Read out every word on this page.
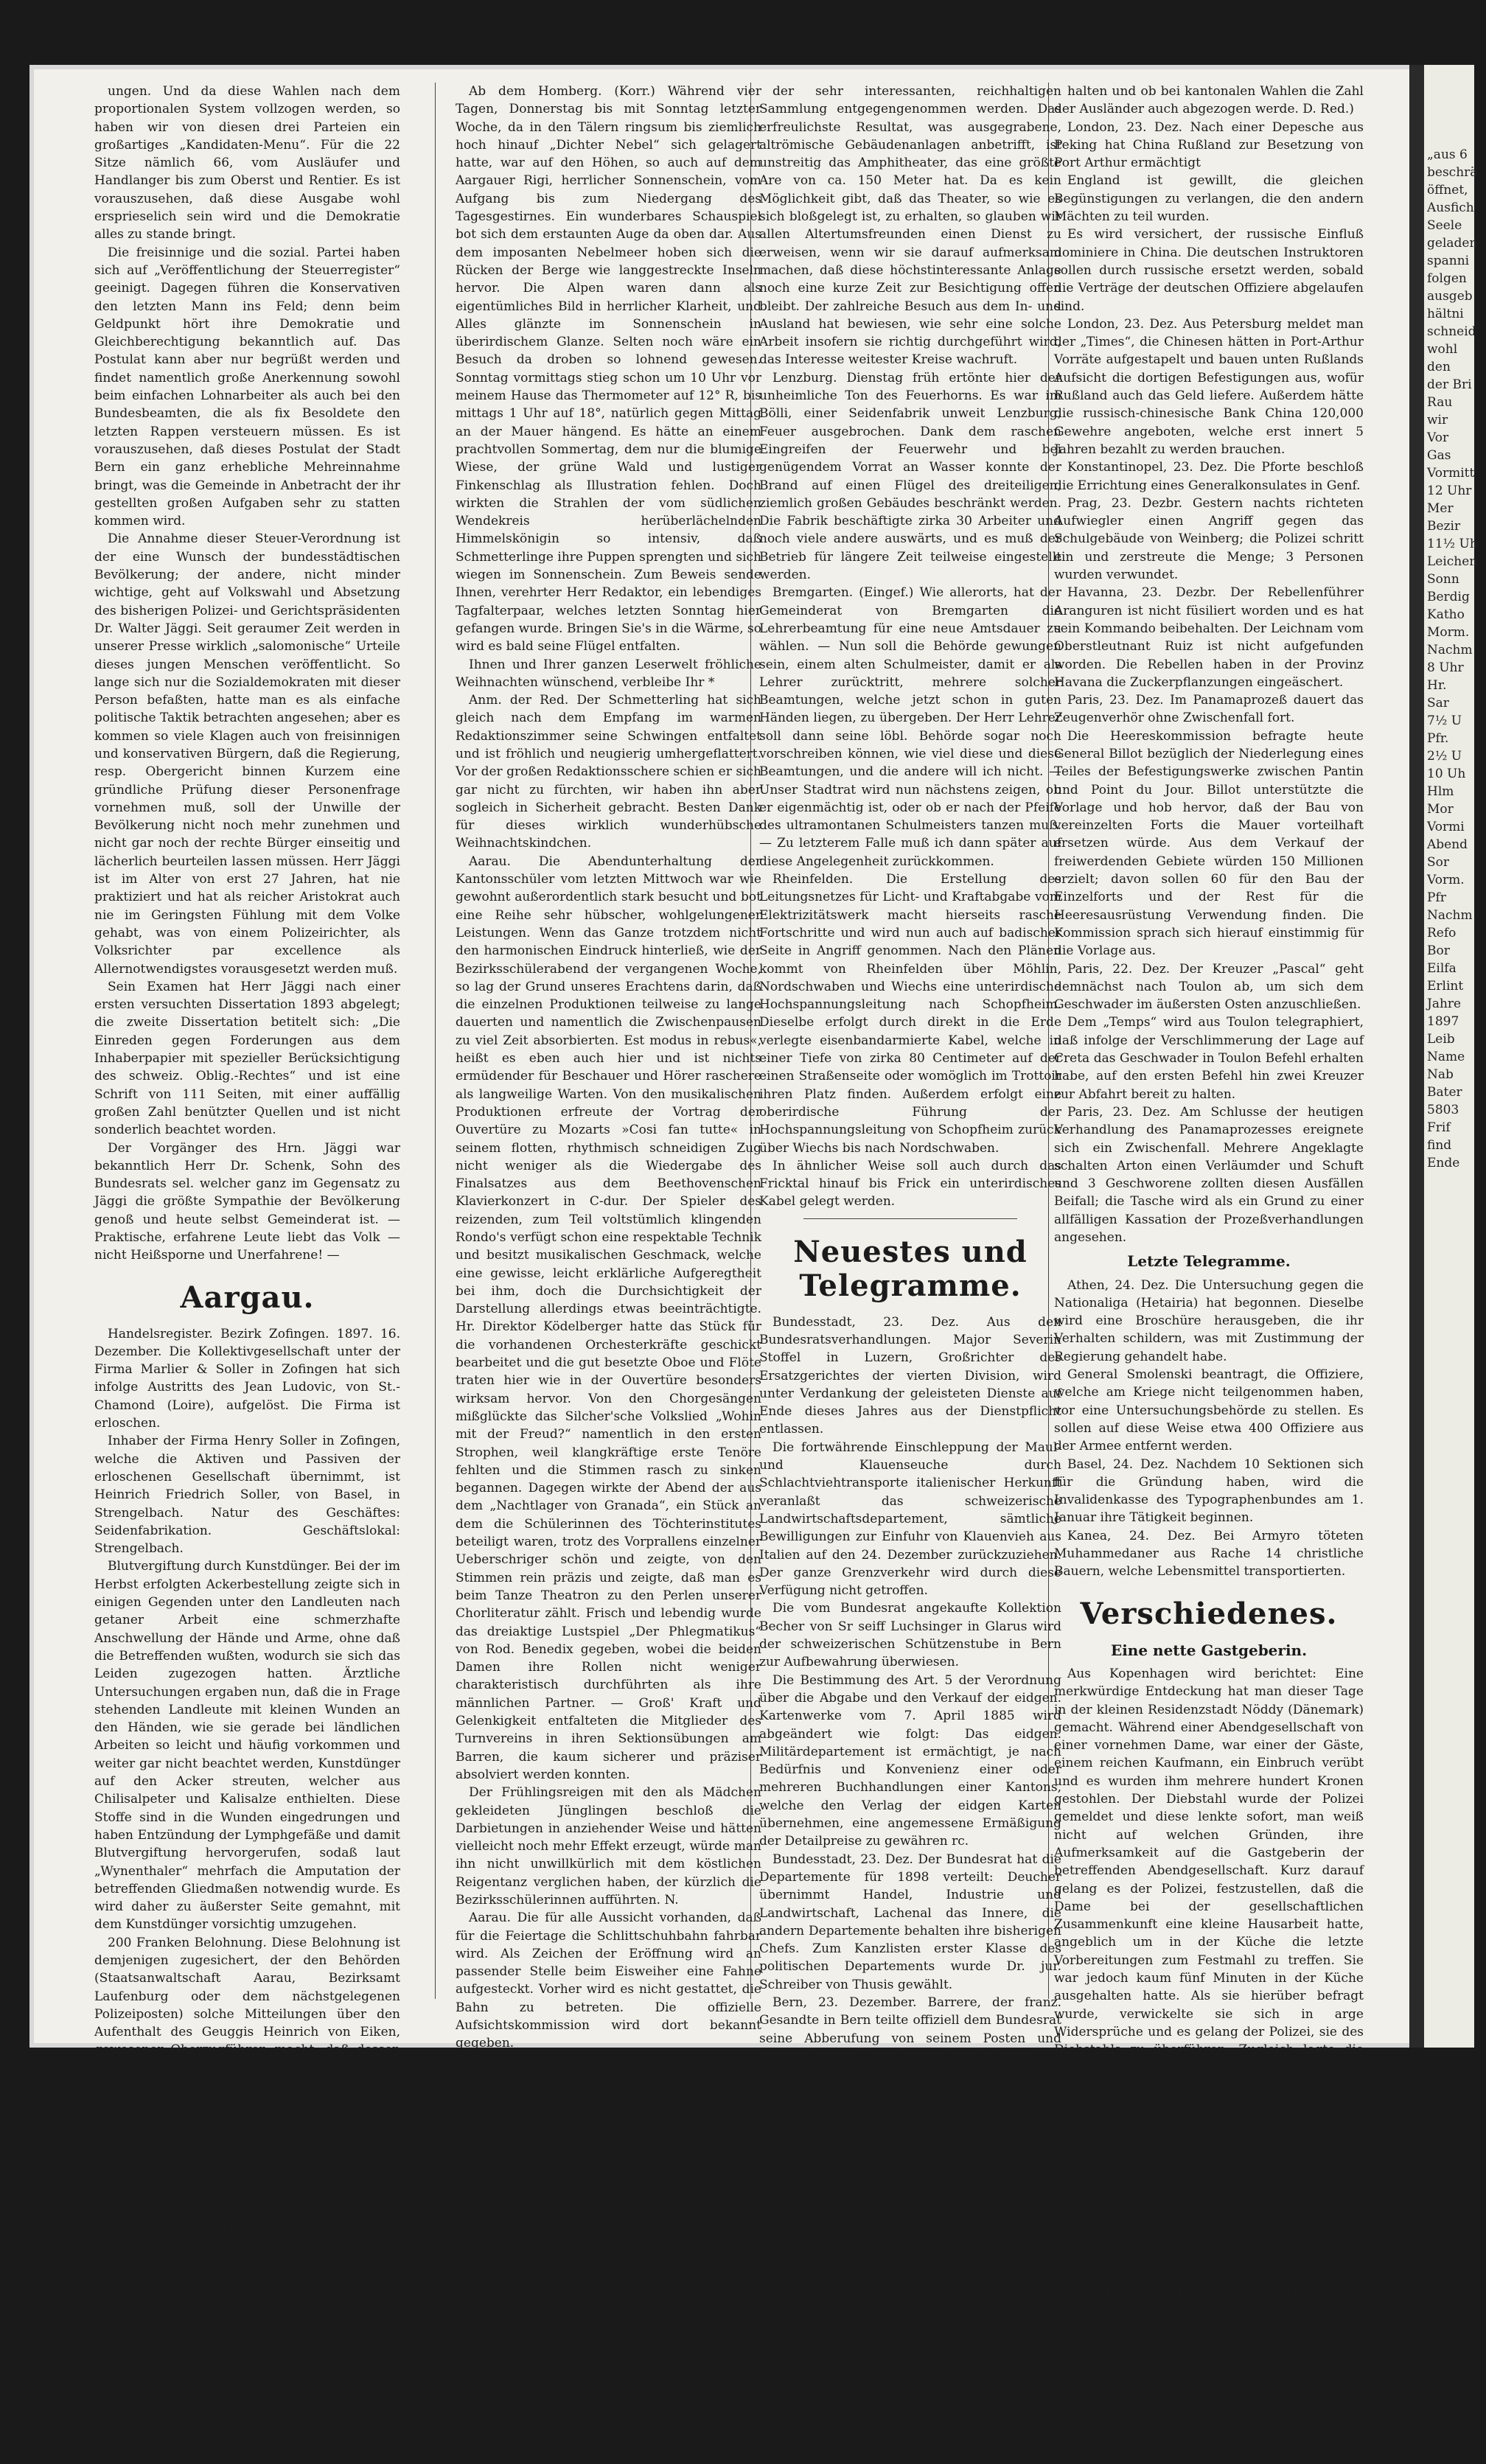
ungen. Und da diese Wahlen nach dem proportionalen System vollzogen werden, so haben wir von diesen drei Parteien ein großartiges „Kandidaten-Menu“. Für die 22 Sitze nämlich 66, vom Ausläufer und Handlanger bis zum Oberst und Rentier. Es ist vorauszusehen, daß diese Ausgabe wohl ersprieselich sein wird und die Demokratie alles zu stande bringt.

Die freisinnige und die sozial. Partei haben sich auf „Veröffentlichung der Steuerregister“ geeinigt. Dagegen führen die Konservativen den letzten Mann ins Feld; denn beim Geldpunkt hört ihre Demokratie und Gleichberechtigung bekanntlich auf. Das Postulat kann aber nur begrüßt werden und findet namentlich große Anerkennung sowohl beim einfachen Lohnarbeiter als auch bei den Bundesbeamten, die als fix Besoldete den letzten Rappen versteuern müssen. Es ist vorauszusehen, daß dieses Postulat der Stadt Bern ein ganz erhebliche Mehreinnahme bringt, was die Gemeinde in Anbetracht der ihr gestellten großen Aufgaben sehr zu statten kommen wird.

Die Annahme dieser Steuer-Verordnung ist der eine Wunsch der bundesstädtischen Bevölkerung; der andere, nicht minder wichtige, geht auf Volkswahl und Absetzung des bisherigen Polizei- und Gerichtspräsidenten Dr. Walter Jäggi. Seit geraumer Zeit werden in unserer Presse wirklich „salomonische“ Urteile dieses jungen Menschen veröffentlicht. So lange sich nur die Sozialdemokraten mit dieser Person befaßten, hatte man es als einfache politische Taktik betrachten angesehen; aber es kommen so viele Klagen auch von freisinnigen und konservativen Bürgern, daß die Regierung, resp. Obergericht binnen Kurzem eine gründliche Prüfung dieser Personenfrage vornehmen muß, soll der Unwille der Bevölkerung nicht noch mehr zunehmen und nicht gar noch der rechte Bürger einseitig und lächerlich beurteilen lassen müssen. Herr Jäggi ist im Alter von erst 27 Jahren, hat nie praktiziert und hat als reicher Aristokrat auch nie im Geringsten Fühlung mit dem Volke gehabt, was von einem Polizeirichter, als Volksrichter par excellence als Allernotwendigstes vorausgesetzt werden muß.

Sein Examen hat Herr Jäggi nach einer ersten versuchten Dissertation 1893 abgelegt; die zweite Dissertation betitelt sich: „Die Einreden gegen Forderungen aus dem Inhaberpapier mit spezieller Berücksichtigung des schweiz. Oblig.-Rechtes“ und ist eine Schrift von 111 Seiten, mit einer auffällig großen Zahl benützter Quellen und ist nicht sonderlich beachtet worden.

Der Vorgänger des Hrn. Jäggi war bekanntlich Herr Dr. Schenk, Sohn des Bundesrats sel. welcher ganz im Gegensatz zu Jäggi die größte Sympathie der Bevölkerung genoß und heute selbst Gemeinderat ist. — Praktische, erfahrene Leute liebt das Volk — nicht Heißsporne und Unerfahrene! —

Aargau.

Handelsregister. Bezirk Zofingen. 1897. 16. Dezember. Die Kollektivgesellschaft unter der Firma Marlier & Soller in Zofingen hat sich infolge Austritts des Jean Ludovic, von St.-Chamond (Loire), aufgelöst. Die Firma ist erloschen.

Inhaber der Firma Henry Soller in Zofingen, welche die Aktiven und Passiven der erloschenen Gesellschaft übernimmt, ist Heinrich Friedrich Soller, von Basel, in Strengelbach. Natur des Geschäftes: Seidenfabrikation. Geschäftslokal: Strengelbach.

Blutvergiftung durch Kunstdünger. Bei der im Herbst erfolgten Ackerbestellung zeigte sich in einigen Gegenden unter den Landleuten nach getaner Arbeit eine schmerzhafte Anschwellung der Hände und Arme, ohne daß die Betreffenden wußten, wodurch sie sich das Leiden zugezogen hatten. Ärztliche Untersuchungen ergaben nun, daß die in Frage stehenden Landleute mit kleinen Wunden an den Händen, wie sie gerade bei ländlichen Arbeiten so leicht und häufig vorkommen und weiter gar nicht beachtet werden, Kunstdünger auf den Acker streuten, welcher aus Chilisalpeter und Kalisalze enthielten. Diese Stoffe sind in die Wunden eingedrungen und haben Entzündung der Lymphgefäße und damit Blutvergiftung hervorgerufen, sodaß laut „Wynenthaler“ mehrfach die Amputation der betreffenden Gliedmaßen notwendig wurde. Es wird daher zu äußerster Seite gemahnt, mit dem Kunstdünger vorsichtig umzugehen.

200 Franken Belohnung. Diese Belohnung ist demjenigen zugesichert, der den Behörden (Staatsanwaltschaft Aarau, Bezirksamt Laufenburg oder dem nächstgelegenen Polizeiposten) solche Mitteilungen über den Aufenthalt des Geuggis Heinrich von Eiken, gewesener Oberzugführer, macht, daß dessen Verhaftung möglich ist. Geuggis ist des Diebstahls vom 8. Dezember zwischen Frick und Hornussen im Eisenbahnzug beschuldigt.

Aarau, 23. Dezember 1897. Kommando des aarg. Polizeikorps.

Aargauische landw. Gesellschaft. (Mitgeteilt.) Der f. Z. verschiedener Umstände halber vertagte Versammlung der aarg. landw. Gesellschaft ist nun auf Sonntag den 26. Dezember 1897, nachmittags 2 Uhr im Löwen in Muri angesetzt. Bei diesem Anlaß wird Hr. Professor Ehrhardt von Zürich über Tuberkulinimpfung rc. referieren und dann auch das Viehversicherungsgesetz zur Sprache kommen.

Ab dem Homberg. (Korr.) Während vier Tagen, Donnerstag bis mit Sonntag letzter Woche, da in den Tälern ringsum bis ziemlich hoch hinauf „Dichter Nebel“ sich gelagert hatte, war auf den Höhen, so auch auf dem Aargauer Rigi, herrlicher Sonnenschein, vom Aufgang bis zum Niedergang des Tagesgestirnes. Ein wunderbares Schauspiel bot sich dem erstaunten Auge da oben dar. Aus dem imposanten Nebelmeer hoben sich die Rücken der Berge wie langgestreckte Inseln hervor. Die Alpen waren dann als eigentümliches Bild in herrlicher Klarheit, und Alles glänzte im Sonnenschein in überirdischem Glanze. Selten noch wäre ein Besuch da droben so lohnend gewesen. Sonntag vormittags stieg schon um 10 Uhr vor meinem Hause das Thermometer auf 12° R, bis mittags 1 Uhr auf 18°, natürlich gegen Mittag an der Mauer hängend. Es hätte an einem prachtvollen Sommertag, dem nur die blumige Wiese, der grüne Wald und lustiger Finkenschlag als Illustration fehlen. Doch wirkten die Strahlen der vom südlichen Wendekreis herüberlächelnden Himmelskönigin so intensiv, daß Schmetterlinge ihre Puppen sprengten und sich wiegen im Sonnenschein. Zum Beweis sende Ihnen, verehrter Herr Redaktor, ein lebendiges Tagfalterpaar, welches letzten Sonntag hier gefangen wurde. Bringen Sie's in die Wärme, so wird es bald seine Flügel entfalten.

Ihnen und Ihrer ganzen Leserwelt fröhliche Weihnachten wünschend, verbleibe Ihr *

Anm. der Red. Der Schmetterling hat sich gleich nach dem Empfang im warmen Redaktionszimmer seine Schwingen entfaltet und ist fröhlich und neugierig umhergeflattert. Vor der großen Redaktionsschere schien er sich gar nicht zu fürchten, wir haben ihn aber sogleich in Sicherheit gebracht. Besten Dank für dieses wirklich wunderhübsche Weihnachtskindchen.

Aarau. Die Abendunterhaltung der Kantonsschüler vom letzten Mittwoch war wie gewohnt außerordentlich stark besucht und bot eine Reihe sehr hübscher, wohlgelungener Leistungen. Wenn das Ganze trotzdem nicht den harmonischen Eindruck hinterließ, wie der Bezirksschülerabend der vergangenen Woche, so lag der Grund unseres Erachtens darin, daß die einzelnen Produktionen teilweise zu lange dauerten und namentlich die Zwischenpausen zu viel Zeit absorbierten. Est modus in rebus«, heißt es eben auch hier und ist nichts ermüdender für Beschauer und Hörer raschere als langweilige Warten. Von den musikalischen Produktionen erfreute der Vortrag der Ouvertüre zu Mozarts »Cosi fan tutte« in seinem flotten, rhythmisch schneidigen Zug nicht weniger als die Wiedergabe des Finalsatzes aus dem Beethovenschen Klavierkonzert in C-dur. Der Spieler des reizenden, zum Teil voltstümlich klingenden Rondo's verfügt schon eine respektable Technik und besitzt musikalischen Geschmack, welche eine gewisse, leicht erklärliche Aufgeregtheit bei ihm, doch die Durchsichtigkeit der Darstellung allerdings etwas beeinträchtigte. Hr. Direktor Ködelberger hatte das Stück für die vorhandenen Orchesterkräfte geschickt bearbeitet und die gut besetzte Oboe und Flöte traten hier wie in der Ouvertüre besonders wirksam hervor. Von den Chorgesängen mißglückte das Silcher'sche Volkslied „Wohin mit der Freud?“ namentlich in den ersten Strophen, weil klangkräftige erste Tenöre fehlten und die Stimmen rasch zu sinken begannen. Dagegen wirkte der Abend der aus dem „Nachtlager von Granada“, ein Stück an dem die Schülerinnen des Töchterinstitutes beteiligt waren, trotz des Vorprallens einzelner Ueberschriger schön und zeigte, von den Stimmen rein präzis und zeigte, daß man es beim Tanze Theatron zu den Perlen unserer Chorliteratur zählt. Frisch und lebendig wurde das dreiaktige Lustspiel „Der Phlegmatikus“ von Rod. Benedix gegeben, wobei die beiden Damen ihre Rollen nicht weniger charakteristisch durchführten als ihre männlichen Partner. — Groß' Kraft und Gelenkigkeit entfalteten die Mitglieder des Turnvereins in ihren Sektionsübungen am Barren, die kaum sicherer und präziser absolviert werden konnten.

Der Frühlingsreigen mit den als Mädchen gekleideten Jünglingen beschloß die Darbietungen in anziehender Weise und hätten vielleicht noch mehr Effekt erzeugt, würde man ihn nicht unwillkürlich mit dem köstlichen Reigentanz verglichen haben, der kürzlich die Bezirksschülerinnen aufführten. N.

Aarau. Die für alle Aussicht vorhanden, daß für die Feiertage die Schlittschuhbahn fahrbar wird. Als Zeichen der Eröffnung wird an passender Stelle beim Eisweiher eine Fahne aufgesteckt. Vorher wird es nicht gestattet, die Bahn zu betreten. Die offizielle Aufsichtskommission wird dort bekannt gegeben.

Verschönerungs- und Verkehrskommission der Stadt Aarau.

Küttigen. (Eingef.) Für die Sonntag den 26. dies stattfindende Wahl der Rechnungskommission schlagen wir die bisherigen vor, nämlich H. Bolliger, Farbenmacher; J. Hunziker, Lehrer; F. Schmid, Lehrer; G. Schärer, Buchhalter; J. Ris, Büchsenschmieds; Andr. Wehrli, Schuster und an Stelle des Heinr. Bolliger, Gemeinderat Hans Blattner, Notar (neu).

Amphitheater in Windisch. Da vom 4. Mai dieses Jahres in Windisch, dem römischen Vindonissa, mit durchschnittlich 24 bis 28 Arbeitern vorgenommenen Untersuchungen sind am 18. dies bis zum Eintritt des Frühlings geschlossen worden. Das Bureau der Gesellschaft Pro Vindonissa befindet sich im Gasthof zur „Sonne“ in Windisch, woselbst während des Winters der Vorsteher desselben, Herr Otto Hauser, je Mittwoch von 1—4 Uhr gerne jede wünschbare Auskunft erteilen wird und wo auch die Anmeldungen zum Besuch

der sehr interessanten, reichhaltigen Sammlung entgegengenommen werden. Das erfreulichste Resultat, was ausgegrabene, altrömische Gebäudenanlagen anbetrifft, ist unstreitig das Amphitheater, das eine größte Are von ca. 150 Meter hat. Da es kein Möglichkeit gibt, daß das Theater, so wie es sich bloßgelegt ist, zu erhalten, so glauben wir allen Altertumsfreunden einen Dienst zu erweisen, wenn wir sie darauf aufmerksam machen, daß diese höchstinteressante Anlage noch eine kurze Zeit zur Besichtigung offen bleibt. Der zahlreiche Besuch aus dem In- und Ausland hat bewiesen, wie sehr eine solche Arbeit insofern sie richtig durchgeführt wird, das Interesse weitester Kreise wachruft.

Lenzburg. Dienstag früh ertönte hier der unheimliche Ton des Feuerhorns. Es war im Bölli, einer Seidenfabrik unweit Lenzburg, Feuer ausgebrochen. Dank dem raschen Eingreifen der Feuerwehr und bei genügendem Vorrat an Wasser konnte der Brand auf einen Flügel des dreiteiligen, ziemlich großen Gebäudes beschränkt werden. Die Fabrik beschäftigte zirka 30 Arbeiter und noch viele andere auswärts, und es muß der Betrieb für längere Zeit teilweise eingestellt werden.

Bremgarten. (Eingef.) Wie allerorts, hat der Gemeinderat von Bremgarten die Lehrerbeamtung für eine neue Amtsdauer zu wählen. — Nun soll die Behörde gewungen sein, einem alten Schulmeister, damit er als Lehrer zurücktritt, mehrere solcher Beamtungen, welche jetzt schon in guten Händen liegen, zu übergeben. Der Herr Lehrer soll dann seine löbl. Behörde sogar noch vorschreiben können, wie viel diese und diese Beamtungen, und die andere will ich nicht. — Unser Stadtrat wird nun nächstens zeigen, ob er eigenmächtig ist, oder ob er nach der Pfeife des ultramontanen Schulmeisters tanzen muß. — Zu letzterem Falle muß ich dann später auf diese Angelegenheit zurückkommen.

Rheinfelden. Die Erstellung des Leitungsnetzes für Licht- und Kraftabgabe vom Elektrizitätswerk macht hierseits rasche Fortschritte und wird nun auch auf badischer Seite in Angriff genommen. Nach den Plänen kommt von Rheinfelden über Möhlin, Nordschwaben und Wiechs eine unterirdische Hochspannungsleitung nach Schopfheim. Dieselbe erfolgt durch direkt in die Erde verlegte eisenbandarmierte Kabel, welche in einer Tiefe von zirka 80 Centimeter auf der einen Straßenseite oder womöglich im Trottoir ihren Platz finden. Außerdem erfolgt eine oberirdische Führung der Hochspannungsleitung von Schopfheim zurück über Wiechs bis nach Nordschwaben.

In ähnlicher Weise soll auch durch das Fricktal hinauf bis Frick ein unterirdisches Kabel gelegt werden.

Neuestes und Telegramme.

Bundesstadt, 23. Dez. Aus den Bundesratsverhandlungen. Major Severin Stoffel in Luzern, Großrichter des Ersatzgerichtes der vierten Division, wird unter Verdankung der geleisteten Dienste auf Ende dieses Jahres aus der Dienstpflicht entlassen.

Die fortwährende Einschleppung der Maul- und Klauenseuche durch Schlachtviehtransporte italienischer Herkunft veranlaßt das schweizerische Landwirtschaftsdepartement, sämtliche Bewilligungen zur Einfuhr von Klauenvieh aus Italien auf den 24. Dezember zurückzuziehen. Der ganze Grenzverkehr wird durch diese Verfügung nicht getroffen.

Die vom Bundesrat angekaufte Kollektion Becher von Sr seiff Luchsinger in Glarus wird der schweizerischen Schützenstube in Bern zur Aufbewahrung überwiesen.

Die Bestimmung des Art. 5 der Verordnung über die Abgabe und den Verkauf der eidgen. Kartenwerke vom 7. April 1885 wird abgeändert wie folgt: Das eidgen. Militärdepartement ist ermächtigt, je nach Bedürfnis und Konvenienz einer oder mehreren Buchhandlungen einer Kantons, welche den Verlag der eidgen Karten übernehmen, eine angemessene Ermäßigung der Detailpreise zu gewähren rc.

Bundesstadt, 23. Dez. Der Bundesrat hat die Departemente für 1898 verteilt: Deucher übernimmt Handel, Industrie und Landwirtschaft, Lachenal das Innere, die andern Departemente behalten ihre bisherigen Chefs. Zum Kanzlisten erster Klasse des politischen Departements wurde Dr. jur. Schreiber von Thusis gewählt.

Bern, 23. Dezember. Barrere, der franz. Gesandte in Bern teilte offiziell dem Bundesrat seine Abberufung von seinem Posten und infolge seiner Versetzung nach Rom als Gesandter Frankreichs beim Quirinal. Sein Nachfolger in Bern ist Graf Montholon, bezeit Gesandter in Brüssel.

Zürich, 23. Dez. In Außersihl hat sich ein bayrischer Schriftsteller, Hermann Stockinger aus Ludwigshafen, mit Cyankali vergiftet. In einem hinterlassenen Brief erklärt der Tote, er habe in Monte Carlo sein ganzes Vermögen im Betrage von 250,000 Mark verspielt.

Basel, 23. Dez. Gemäß Beschluß des Großen Rates sollen die historischen Tage von 1798 nicht öffentlich gefeiert werden. Dagegen werden eine Publikation der Akten und eine an jene Zeit erinnernde Ausstellung veranstaltet.

Sarnen, 23. Dez. Die Regierung spricht sich auf eine Zirkularfrage des eidgenössischen politischen Departements für die Motion Hochstraßer aus.

(Der Bundesrat hat nämlich an alle Kantonsregierungen ein Kreisschreiben gerichtet, worin er sie ersucht, was sie von der Motion Hochstraßer

halten und ob bei kantonalen Wahlen die Zahl der Ausländer auch abgezogen werde. D. Red.)

London, 23. Dez. Nach einer Depesche aus Peking hat China Rußland zur Besetzung von Port Arthur ermächtigt

England ist gewillt, die gleichen Begünstigungen zu verlangen, die den andern Mächten zu teil wurden.

Es wird versichert, der russische Einfluß dominiere in China. Die deutschen Instruktoren sollen durch russische ersetzt werden, sobald die Verträge der deutschen Offiziere abgelaufen sind.

London, 23. Dez. Aus Petersburg meldet man der „Times“, die Chinesen hätten in Port-Arthur Vorräte aufgestapelt und bauen unten Rußlands Aufsicht die dortigen Befestigungen aus, wofür Rußland auch das Geld liefere. Außerdem hätte die russisch-chinesische Bank China 120,000 Gewehre angeboten, welche erst innert 5 Jahren bezahlt zu werden brauchen.

Konstantinopel, 23. Dez. Die Pforte beschloß die Errichtung eines Generalkonsulates in Genf.

Prag, 23. Dezbr. Gestern nachts richteten Aufwiegler einen Angriff gegen das Schulgebäude von Weinberg; die Polizei schritt ein und zerstreute die Menge; 3 Personen wurden verwundet.

Havanna, 23. Dezbr. Der Rebellenführer Aranguren ist nicht füsiliert worden und es hat sein Kommando beibehalten. Der Leichnam vom Oberstleutnant Ruiz ist nicht aufgefunden worden. Die Rebellen haben in der Provinz Havana die Zuckerpflanzungen eingeäschert.

Paris, 23. Dez. Im Panamaprozeß dauert das Zeugenverhör ohne Zwischenfall fort.

Die Heereskommission befragte heute General Billot bezüglich der Niederlegung eines Teiles der Befestigungswerke zwischen Pantin und Point du Jour. Billot unterstützte die Vorlage und hob hervor, daß der Bau von vereinzelten Forts die Mauer vorteilhaft ersetzen würde. Aus dem Verkauf der freiwerdenden Gebiete würden 150 Millionen erzielt; davon sollen 60 für den Bau der Einzelforts und der Rest für die Heeresausrüstung Verwendung finden. Die Kommission sprach sich hierauf einstimmig für die Vorlage aus.

Paris, 22. Dez. Der Kreuzer „Pascal“ geht demnächst nach Toulon ab, um sich dem Geschwader im äußersten Osten anzuschließen.

Dem „Temps“ wird aus Toulon telegraphiert, daß infolge der Verschlimmerung der Lage auf Creta das Geschwader in Toulon Befehl erhalten habe, auf den ersten Befehl hin zwei Kreuzer zur Abfahrt bereit zu halten.

Paris, 23. Dez. Am Schlusse der heutigen Verhandlung des Panamaprozesses ereignete sich ein Zwischenfall. Mehrere Angeklagte schalten Arton einen Verläumder und Schuft und 3 Geschworene zollten diesen Ausfällen Beifall; die Tasche wird als ein Grund zu einer allfälligen Kassation der Prozeßverhandlungen angesehen.

Letzte Telegramme.

Athen, 24. Dez. Die Untersuchung gegen die Nationaliga (Hetairia) hat begonnen. Dieselbe wird eine Broschüre herausgeben, die ihr Verhalten schildern, was mit Zustimmung der Regierung gehandelt habe.

General Smolenski beantragt, die Offiziere, welche am Kriege nicht teilgenommen haben, vor eine Untersuchungsbehörde zu stellen. Es sollen auf diese Weise etwa 400 Offiziere aus der Armee entfernt werden.

Basel, 24. Dez. Nachdem 10 Sektionen sich für die Gründung haben, wird die Invalidenkasse des Typographenbundes am 1. Januar ihre Tätigkeit beginnen.

Kanea, 24. Dez. Bei Armyro töteten Muhammedaner aus Rache 14 christliche Bauern, welche Lebensmittel transportierten.

Verschiedenes.
Eine nette Gastgeberin.

Aus Kopenhagen wird berichtet: Eine merkwürdige Entdeckung hat man dieser Tage in der kleinen Residenzstadt Nöddy (Dänemark) gemacht. Während einer Abendgesellschaft von einer vornehmen Dame, war einer der Gäste, einem reichen Kaufmann, ein Einbruch verübt und es wurden ihm mehrere hundert Kronen gestohlen. Der Diebstahl wurde der Polizei gemeldet und diese lenkte sofort, man weiß nicht auf welchen Gründen, ihre Aufmerksamkeit auf die Gastgeberin der betreffenden Abendgesellschaft. Kurz darauf gelang es der Polizei, festzustellen, daß die Dame bei der gesellschaftlichen Zusammenkunft eine kleine Hausarbeit hatte, angeblich um in der Küche die letzte Vorbereitungen zum Festmahl zu treffen. Sie war jedoch kaum fünf Minuten in der Küche ausgehalten hatte. Als sie hierüber befragt wurde, verwickelte sie sich in arge Widersprüche und es gelang der Polizei, sie des Diebstahls zu überführen. Zugleich legte die Dame das Geständnis ab, daß sie vor mehreren Jahren unter fast ähnlichen Umständen einen Diebstahl bei ihrem Schwager ausgeführt hatte. Ein vierzehnjähriger Knabe wurde damals als des Diebstahls verdächtig verhaftet, beging aber aus Gefühl von Scham Selbstmord und hinterließ einen Brief mit den Worte: „Ich bin unschuldig!“ an die Wand im Gefängnis, so daß die dortige Frau bewohnt ist im Gefängnis bezogen hatte. Die dortige Frau bewohnt jetzt die frühere Zelle, in denen der arme Knabe sich den Tod gegeben hatte.

Aus Ersparnisrücksichten.

Ein Bezug auf italienische Flottenmanöver im Dezember hat man, wie die „Gazetta di Messina“ meldet,

„aus 6
beschrä
öffnet,
Ausfich
Seele
geladen
spanni
folgen
ausgeb
hältni
schneid
wohl
den
der Bri
Rau
wir
Vor
Gas
Vormitt
12 Uhr
Mer
Bezir
11½ Uh
Leichen
Sonn
Berdig
Katho
Morm.
Nachm
8 Uhr
Hr.
Sar
7½ U
Pfr.
2½ U
10 Uh
Hlm
Mor
Vormi
Abend
Sor
Vorm.
Pfr
Nachm
Refo
Bor
Eilfa
Erlint
Jahre
1897
Leib
Name
Nab
Bater
5803
Frif
find
Ende
